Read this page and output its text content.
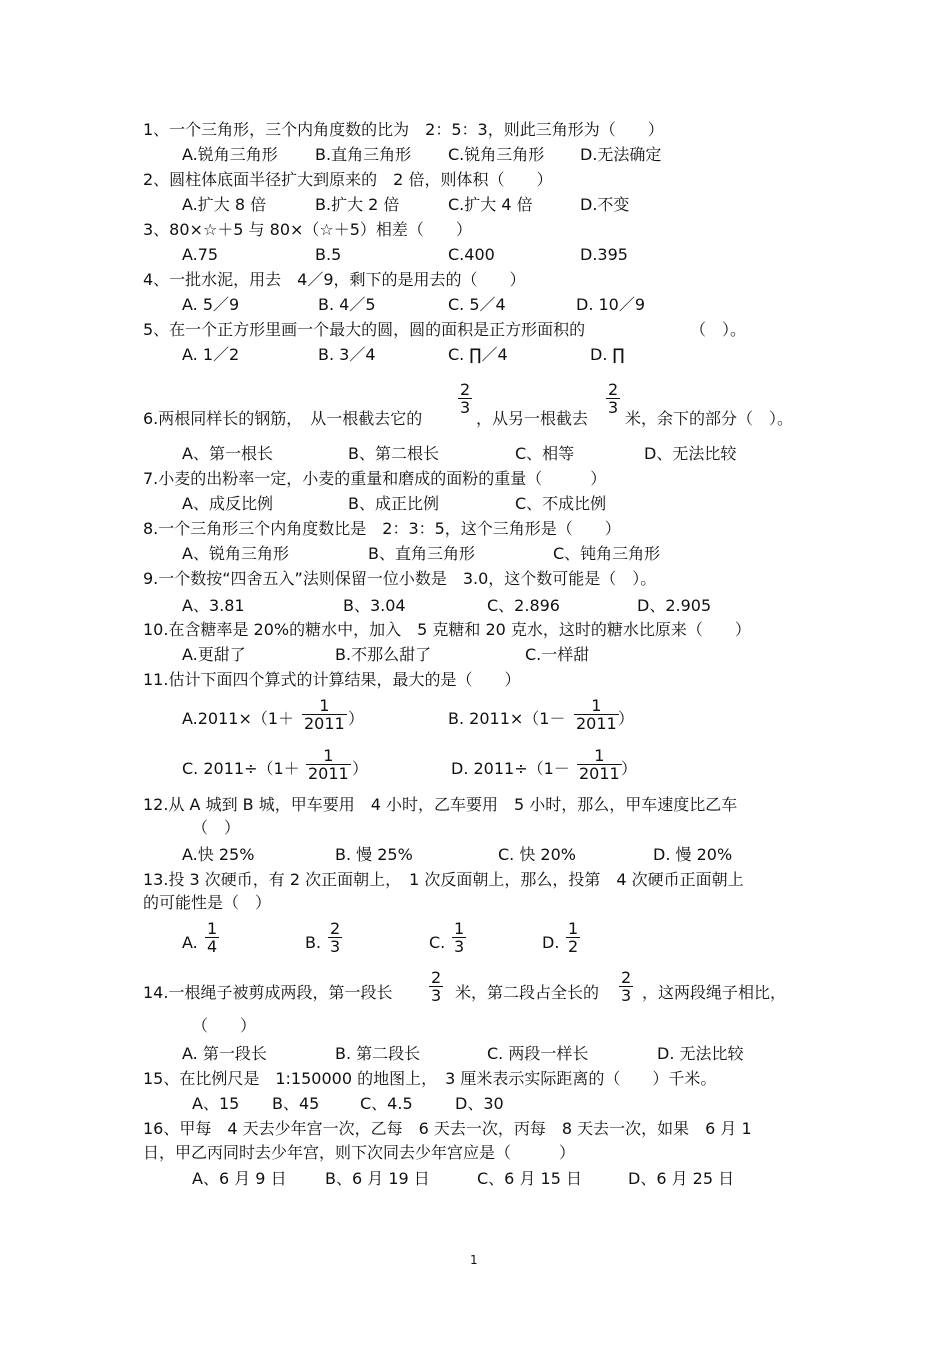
1、一个三角形，三个内角度数的比为　2：5：3，则此三角形为（　　）
A.锐角三角形 B.直角三角形 C.锐角三角形 D.无法确定
2、圆柱体底面半径扩大到原来的　2 倍，则体积（　　）
A.扩大 8 倍	B.扩大 2 倍	C.扩大 4 倍	D.不变
3、80×☆＋5 与 80×（☆＋5）相差（　　）
A.75	B.5	C.400	D.395
4、一批水泥，用去　4／9，剩下的是用去的（　　）
A. 5／9	B. 4／5	C. 5／4	D. 10／9
5、在一个正方形里画一个最大的圆，圆的面积是正方形面积的	（　）。
A. 1／2	B. 3／4	C. ∏／4	D. ∏
6.两根同样长的钢筋，　从一根截去它的
$\frac{2}{3}$
，从另一根截去
$\frac{2}{3}$
米，余下的部分（　）。
A、第一根长	B、第二根长	C、相等	D、无法比较
7.小麦的出粉率一定，小麦的重量和磨成的面粉的重量（　　　）
A、成反比例	B、成正比例	C、不成比例
8.一个三角形三个内角度数比是　2：3：5，这个三角形是（　　）
A、锐角三角形	B、直角三角形	C、钝角三角形
9.一个数按“四舍五入”法则保留一位小数是　3.0，这个数可能是（　）。
A、3.81	B、3.04	C、2.896	D、2.905
10.在含糖率是 20%的糖水中，加入　5 克糖和 20 克水，这时的糖水比原来（　　）
A.更甜了	B.不那么甜了	C.一样甜
11.估计下面四个算式的计算结果，最大的是（　　）
$A.2011\times(1+ \frac{1}{2011}$ ）	B. $2011\times(1- \frac{1}{2011}$ ）
C. $2011\div(1+ \frac{1}{2011}$ ）	D. $2011\div(1- \frac{1}{2011}$ ）
12.从 A 城到 B 城，甲车要用　4 小时，乙车要用　5 小时，那么，甲车速度比乙车
（　）
A.快 25%	B. 慢 25%	C. 快 20%	D. 慢 20%
13.投 3 次硬币，有 2 次正面朝上，　1 次反面朝上，那么，投第　4 次硬币正面朝上
的可能性是（　）
A. $\frac{1}{4}$	B. $\frac{2}{3}$	C. $\frac{1}{3}$	D. $\frac{1}{2}$
14.一根绳子被剪成两段，第一段长 $\frac{2}{3}$ 米，第二段占全长的 $\frac{2}{3}$ ，这两段绳子相比，
（　　）
A. 第一段长	B. 第二段长	C. 两段一样长	D. 无法比较
15、在比例尺是　1:150000 的地图上，　3 厘米表示实际距离的（　　）千米。
A、15 B、45	C、4.5	D、30
16、甲每　4 天去少年宫一次，乙每　6 天去一次，丙每　8 天去一次，如果　6 月 1
日，甲乙丙同时去少年宫，则下次同去少年宫应是（　　　）
A、6 月 9 日 B、6 月 19 日	C、6 月 15 日	D、6 月 25 日
1
